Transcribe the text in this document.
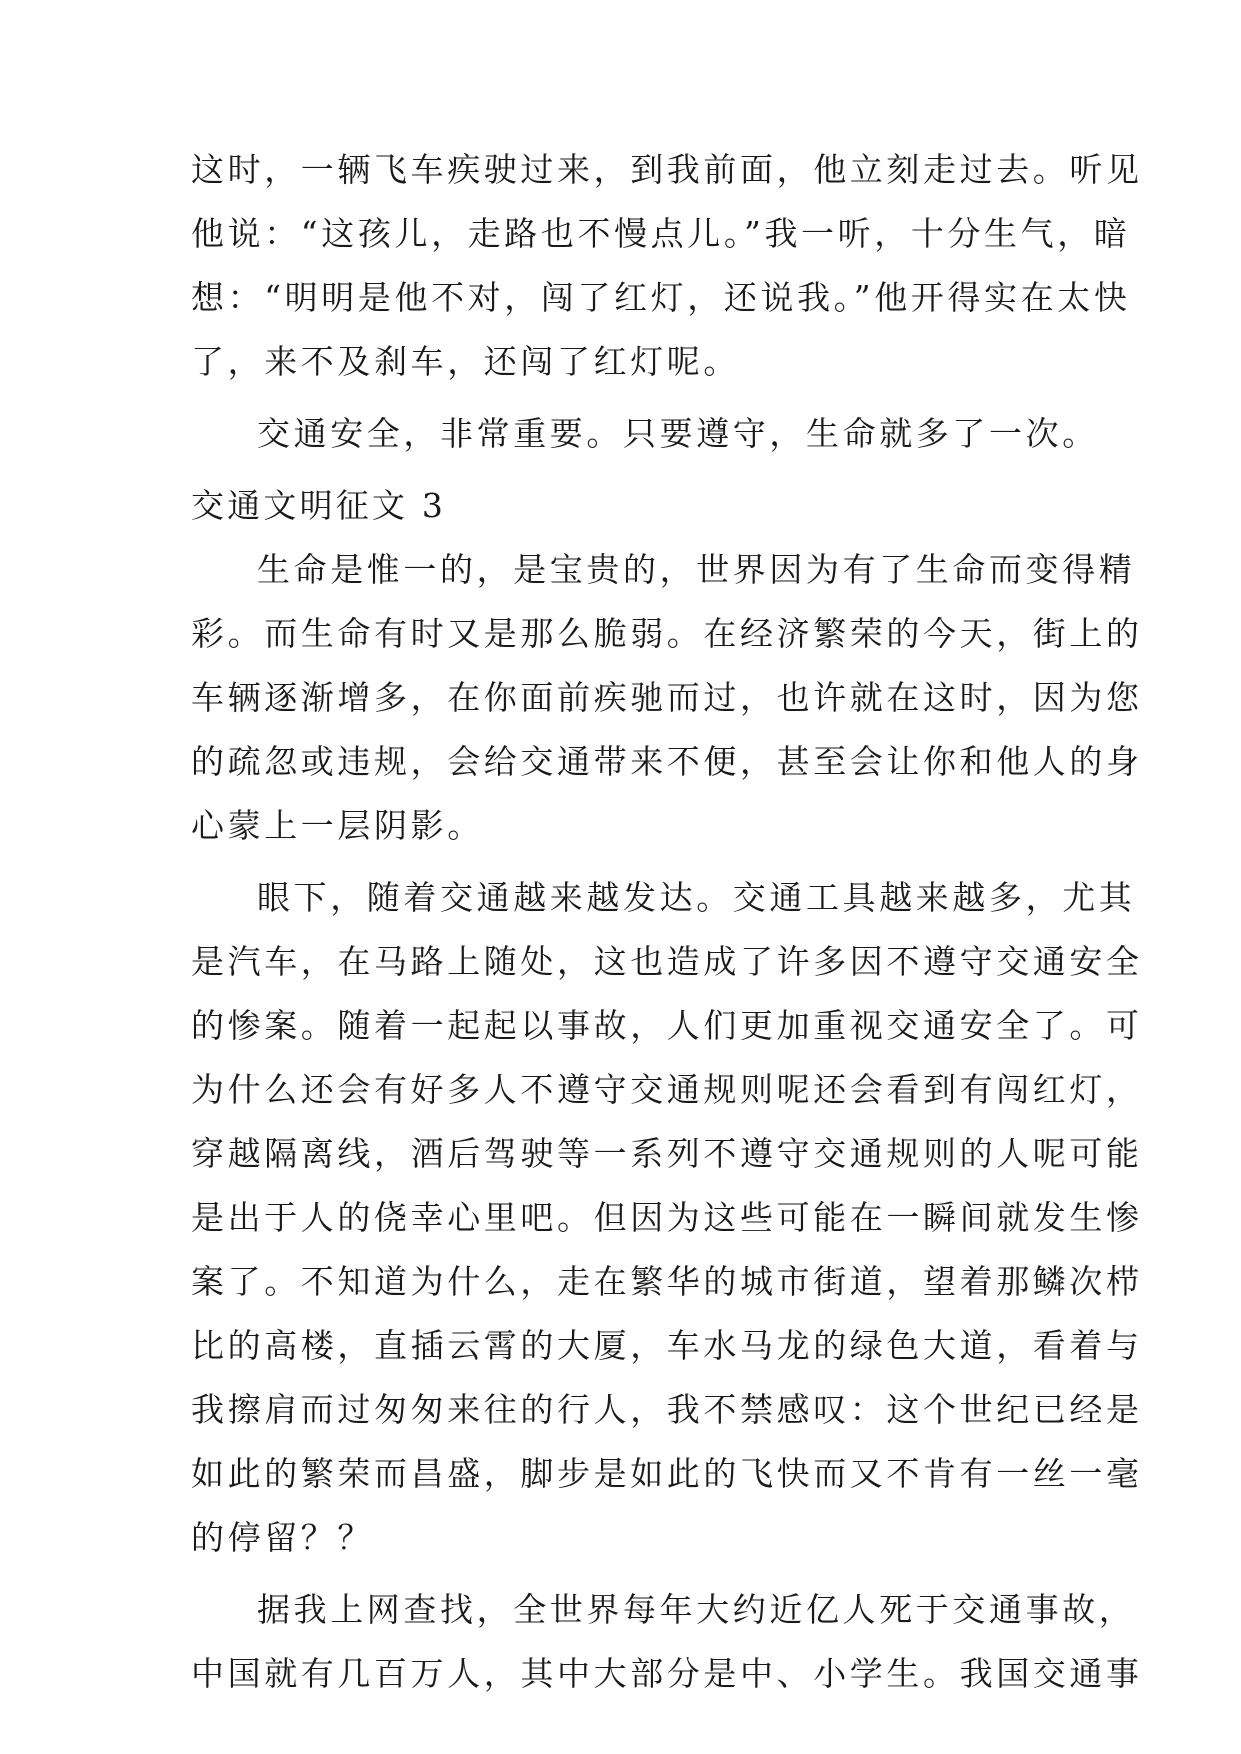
这时，一辆飞车疾驶过来，到我前面，他立刻走过去。听见
他说：“这孩儿，走路也不慢点儿。”我一听，十分生气，暗
想：“明明是他不对，闯了红灯，还说我。”他开得实在太快
了，来不及刹车，还闯了红灯呢。
交通安全，非常重要。只要遵守，生命就多了一次。
交通文明征文 3
生命是惟一的，是宝贵的，世界因为有了生命而变得精
彩。而生命有时又是那么脆弱。在经济繁荣的今天，街上的
车辆逐渐增多，在你面前疾驰而过，也许就在这时，因为您
的疏忽或违规，会给交通带来不便，甚至会让你和他人的身
心蒙上一层阴影。
眼下，随着交通越来越发达。交通工具越来越多，尤其
是汽车，在马路上随处，这也造成了许多因不遵守交通安全
的惨案。随着一起起以事故，人们更加重视交通安全了。可
为什么还会有好多人不遵守交通规则呢还会看到有闯红灯，
穿越隔离线，酒后驾驶等一系列不遵守交通规则的人呢可能
是出于人的侥幸心里吧。但因为这些可能在一瞬间就发生惨
案了。不知道为什么，走在繁华的城市街道，望着那鳞次栉
比的高楼，直插云霄的大厦，车水马龙的绿色大道，看着与
我擦肩而过匆匆来往的行人，我不禁感叹：这个世纪已经是
如此的繁荣而昌盛，脚步是如此的飞快而又不肯有一丝一毫
的停留？？
据我上网查找，全世界每年大约近亿人死于交通事故，
中国就有几百万人，其中大部分是中、小学生。我国交通事
